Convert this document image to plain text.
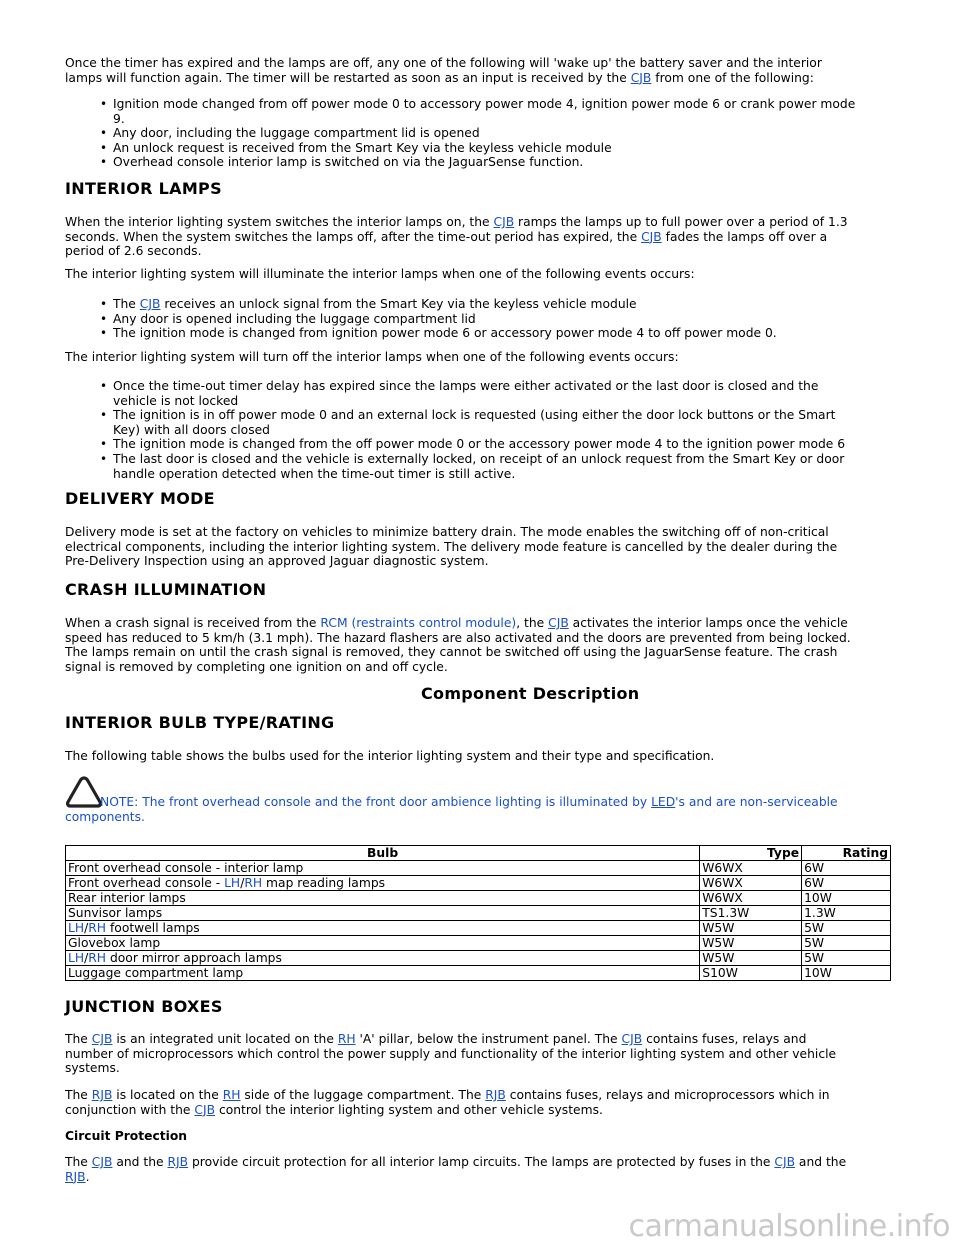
Once the timer has expired and the lamps are off, any one of the following will 'wake up' the battery saver and the interior
lamps will function again. The timer will be restarted as soon as an input is received by the CJB from one of the following:

• Ignition mode changed from off power mode 0 to accessory power mode 4, ignition power mode 6 or crank power mode
9.
• Any door, including the luggage compartment lid is opened
• An unlock request is received from the Smart Key via the keyless vehicle module
• Overhead console interior lamp is switched on via the JaguarSense function.
INTERIOR LAMPS

When the interior lighting system switches the interior lamps on, the CJB ramps the lamps up to full power over a period of 1.3
seconds. When the system switches the lamps off, after the time-out period has expired, the CJB fades the lamps off over a
period of 2.6 seconds.

The interior lighting system will illuminate the interior lamps when one of the following events occurs:

• The CJB receives an unlock signal from the Smart Key via the keyless vehicle module
• Any door is opened including the luggage compartment lid
• The ignition mode is changed from ignition power mode 6 or accessory power mode 4 to off power mode 0.

The interior lighting system will turn off the interior lamps when one of the following events occurs:

• Once the time-out timer delay has expired since the lamps were either activated or the last door is closed and the
vehicle is not locked
• The ignition is in off power mode 0 and an external lock is requested (using either the door lock buttons or the Smart
Key) with all doors closed
• The ignition mode is changed from the off power mode 0 or the accessory power mode 4 to the ignition power mode 6
• The last door is closed and the vehicle is externally locked, on receipt of an unlock request from the Smart Key or door
handle operation detected when the time-out timer is still active.
DELIVERY MODE

Delivery mode is set at the factory on vehicles to minimize battery drain. The mode enables the switching off of non-critical
electrical components, including the interior lighting system. The delivery mode feature is cancelled by the dealer during the
Pre-Delivery Inspection using an approved Jaguar diagnostic system.

CRASH ILLUMINATION

When a crash signal is received from the RCM (restraints control module), the CJB activates the interior lamps once the vehicle
speed has reduced to 5 km/h (3.1 mph). The hazard flashers are also activated and the doors are prevented from being locked.
The lamps remain on until the crash signal is removed, they cannot be switched off using the JaguarSense feature. The crash
signal is removed by completing one ignition on and off cycle.

Component Description
INTERIOR BULB TYPE/RATING

The following table shows the bulbs used for the interior lighting system and their type and specification.

NOTE: The front overhead console and the front door ambience lighting is illuminated by LED's and are non-serviceable
components.

Bulb	Type	Rating
Front overhead console - interior lamp	W6WX	6W
Front overhead console - LH/RH map reading lamps	W6WX	6W
Rear interior lamps	W6WX	10W
Sunvisor lamps	TS1.3W	1.3W
LH/RH footwell lamps	W5W	5W
Glovebox lamp	W5W	5W
LH/RH door mirror approach lamps	W5W	5W
Luggage compartment lamp	S10W	10W
JUNCTION BOXES

The CJB is an integrated unit located on the RH 'A' pillar, below the instrument panel. The CJB contains fuses, relays and
number of microprocessors which control the power supply and functionality of the interior lighting system and other vehicle
systems.

The RJB is located on the RH side of the luggage compartment. The RJB contains fuses, relays and microprocessors which in
conjunction with the CJB control the interior lighting system and other vehicle systems.

Circuit Protection

The CJB and the RJB provide circuit protection for all interior lamp circuits. The lamps are protected by fuses in the CJB and the
RJB.

carmanualsonline.info
